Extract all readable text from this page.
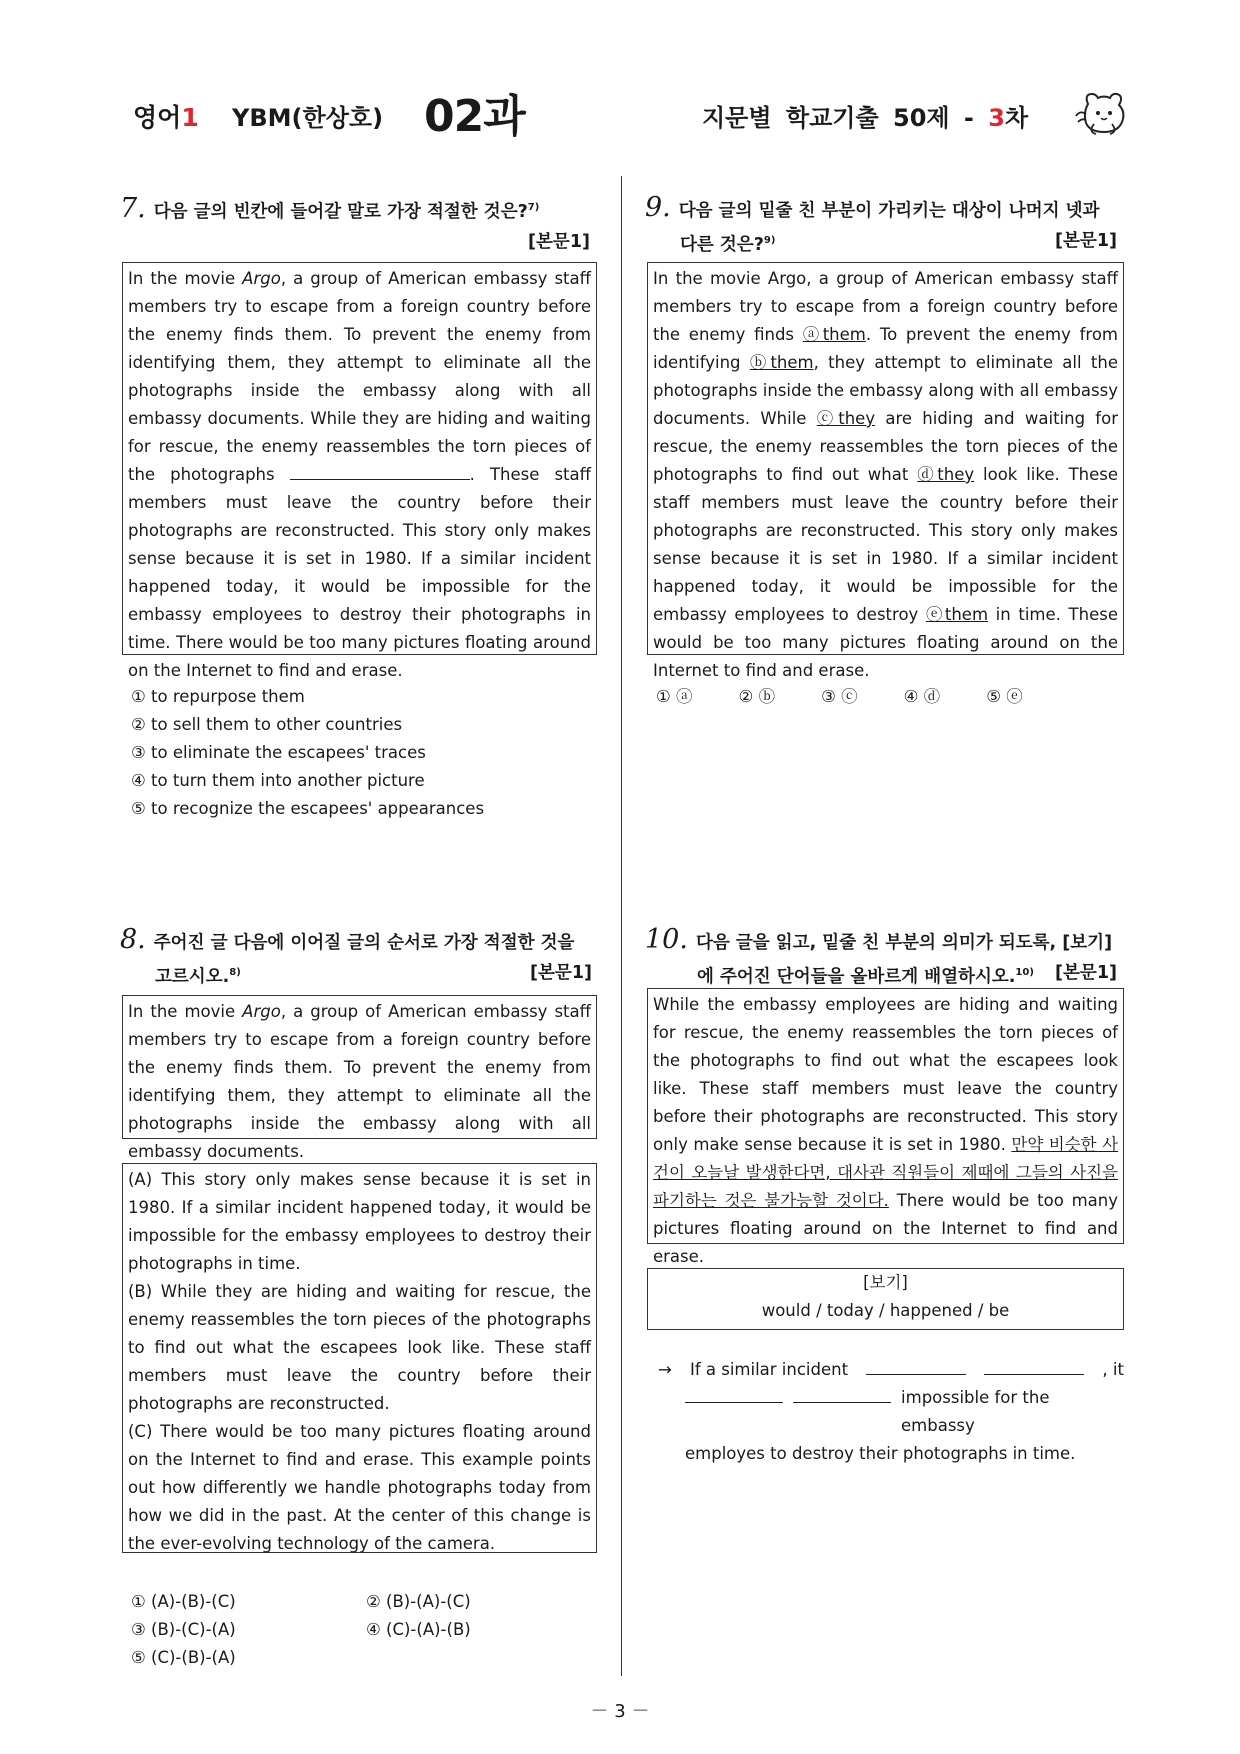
영어1 YBM(한상호) 02과	지문별 학교기출 50제 - 3차
7. 다음 글의 빈칸에 들어갈 말로 가장 적절한 것은?$^{7)}$
[본문1]

In the movie Argo, a group of American embassy staff members try to escape from a foreign country before the enemy finds them. To prevent the enemy from identifying them, they attempt to eliminate all the photographs inside the embassy along with all embassy documents. While they are hiding and waiting for rescue, the enemy reassembles the torn pieces of the photographs	. These staff members must leave the country before their photographs are reconstructed. This story only makes sense because it is set in 1980. If a similar incident happened today, it would be impossible for the embassy employees to destroy their photographs in time. There would be too many pictures floating around on the Internet to find and erase.

① to repurpose them
② to sell them to other countries
③ to eliminate the escapees' traces
④ to turn them into another picture
⑤ to recognize the escapees' appearances
9. 다음 글의 밑줄 친 부분이 가리키는 대상이 나머지 넷과
다른 것은?$^{9)}$	[본문1]

In the movie Argo, a group of American embassy staff members try to escape from a foreign country before the enemy finds ⓐthem. To prevent the enemy from identifying ⓑthem, they attempt to eliminate all the photographs inside the embassy along with all embassy documents. While ⓒthey are hiding and waiting for rescue, the enemy reassembles the torn pieces of the photographs to find out what ⓓthey look like. These staff members must leave the country before their photographs are reconstructed. This story only makes sense because it is set in 1980. If a similar incident happened today, it would be impossible for the embassy employees to destroy ⓔthem in time. These would be too many pictures floating around on the Internet to find and erase.

① ⓐ	② ⓑ	③ ⓒ	④ ⓓ	⑤ ⓔ
8. 주어진 글 다음에 이어질 글의 순서로 가장 적절한 것을
고르시오.$^{8)}$	[본문1]

In the movie Argo, a group of American embassy staff members try to escape from a foreign country before the enemy finds them. To prevent the enemy from identifying them, they attempt to eliminate all the photographs inside the embassy along with all embassy documents.

(A) This story only makes sense because it is set in 1980. If a similar incident happened today, it would be impossible for the embassy employees to destroy their photographs in time.

(B) While they are hiding and waiting for rescue, the enemy reassembles the torn pieces of the photographs to find out what the escapees look like. These staff members must leave the country before their photographs are reconstructed.

(C) There would be too many pictures floating around on the Internet to find and erase. This example points out how differently we handle photographs today from how we did in the past. At the center of this change is the ever-evolving technology of the camera.

① (A)-(B)-(C)	② (B)-(A)-(C)
③ (B)-(C)-(A)	④ (C)-(A)-(B)
⑤ (C)-(B)-(A)
10. 다음 글을 읽고, 밑줄 친 부분의 의미가 되도록, [보기]
에 주어진 단어들을 올바르게 배열하시오.$^{10)}$ [본문1]

While the embassy employees are hiding and waiting for rescue, the enemy reassembles the torn pieces of the photographs to find out what the escapees look like. These staff members must leave the country before their photographs are reconstructed. This story only make sense because it is set in 1980. 만약 비슷한 사건이 오늘날 발생한다면, 대사관 직원들이 제때에 그들의 사진을 파기하는 것은 불가능할 것이다. There would be too many pictures floating around on the Internet to find and erase.

[보기]
would / today / happened / be
→ If a similar incident	, it
impossible for the embassy
employes to destroy their photographs in time.
－ 3 －
